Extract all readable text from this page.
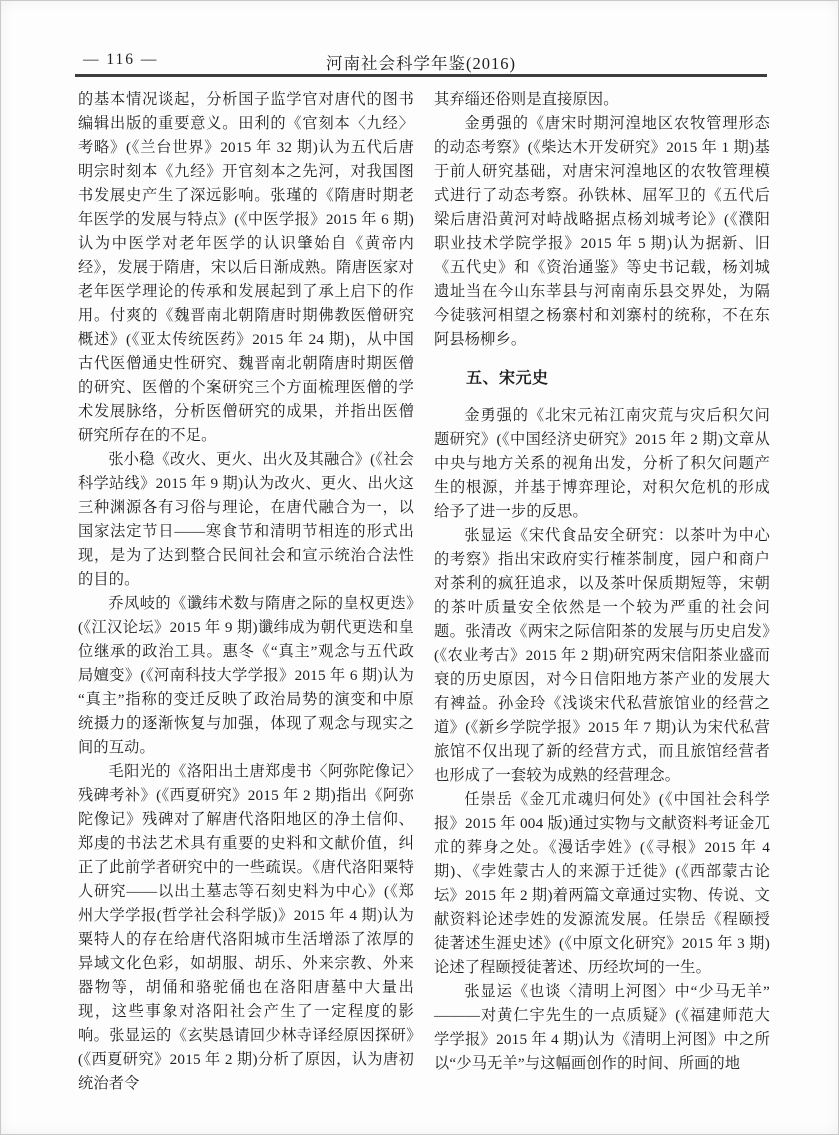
— 116 —	河南社会科学年鉴(2016)

的基本情况谈起，分析国子监学官对唐代的图书编辑出版的重要意义。田利的《官刻本〈九经〉考略》(《兰台世界》2015 年 32 期)认为五代后唐明宗时刻本《九经》开官刻本之先河，对我国图书发展史产生了深远影响。张瑾的《隋唐时期老年医学的发展与特点》(《中医学报》2015 年 6 期)认为中医学对老年医学的认识肇始自《黄帝内经》，发展于隋唐，宋以后日渐成熟。隋唐医家对老年医学理论的传承和发展起到了承上启下的作用。付爽的《魏晋南北朝隋唐时期佛教医僧研究概述》(《亚太传统医药》2015 年 24 期)，从中国古代医僧通史性研究、魏晋南北朝隋唐时期医僧的研究、医僧的个案研究三个方面梳理医僧的学术发展脉络，分析医僧研究的成果，并指出医僧研究所存在的不足。

张小稳《改火、更火、出火及其融合》(《社会科学站线》2015 年 9 期)认为改火、更火、出火这三种渊源各有习俗与理论，在唐代融合为一，以国家法定节日——寒食节和清明节相连的形式出现，是为了达到整合民间社会和宣示统治合法性的目的。

乔凤岐的《谶纬术数与隋唐之际的皇权更迭》(《江汉论坛》2015 年 9 期)谶纬成为朝代更迭和皇位继承的政治工具。惠冬《“真主”观念与五代政局嬗变》(《河南科技大学学报》2015 年 6 期)认为“真主”指称的变迁反映了政治局势的演变和中原统摄力的逐渐恢复与加强，体现了观念与现实之间的互动。

毛阳光的《洛阳出土唐郑虔书〈阿弥陀像记〉残碑考补》(《西夏研究》2015 年 2 期)指出《阿弥陀像记》残碑对了解唐代洛阳地区的净土信仰、郑虔的书法艺术具有重要的史料和文献价值，纠正了此前学者研究中的一些疏误。《唐代洛阳粟特人研究——以出土墓志等石刻史料为中心》(《郑州大学学报(哲学社会科学版)》2015 年 4 期)认为粟特人的存在给唐代洛阳城市生活增添了浓厚的异域文化色彩，如胡服、胡乐、外来宗教、外来器物等，胡俑和骆驼俑也在洛阳唐墓中大量出现，这些事象对洛阳社会产生了一定程度的影响。张显运的《玄奘恳请回少林寺译经原因探研》(《西夏研究》2015 年 2 期)分析了原因，认为唐初统治者令

其弃缁还俗则是直接原因。

金勇强的《唐宋时期河湟地区农牧管理形态的动态考察》(《柴达木开发研究》2015 年 1 期)基于前人研究基础，对唐宋河湟地区的农牧管理模式进行了动态考察。孙铁林、屈军卫的《五代后梁后唐沿黄河对峙战略据点杨刘城考论》(《濮阳职业技术学院学报》2015 年 5 期)认为据新、旧《五代史》和《资治通鉴》等史书记载，杨刘城遗址当在今山东莘县与河南南乐县交界处，为隔今徒骇河相望之杨寨村和刘寨村的统称，不在东阿县杨柳乡。

五、宋元史

金勇强的《北宋元祐江南灾荒与灾后积欠问题研究》(《中国经济史研究》2015 年 2 期)文章从中央与地方关系的视角出发，分析了积欠问题产生的根源，并基于博弈理论，对积欠危机的形成给予了进一步的反思。

张显运《宋代食品安全研究：以茶叶为中心的考察》指出宋政府实行榷茶制度，园户和商户对茶利的疯狂追求，以及茶叶保质期短等，宋朝的茶叶质量安全依然是一个较为严重的社会问题。张清改《两宋之际信阳茶的发展与历史启发》(《农业考古》2015 年 2 期)研究两宋信阳茶业盛而衰的历史原因，对今日信阳地方茶产业的发展大有裨益。孙金玲《浅谈宋代私营旅馆业的经营之道》(《新乡学院学报》2015 年 7 期)认为宋代私营旅馆不仅出现了新的经营方式，而且旅馆经营者也形成了一套较为成熟的经营理念。

任崇岳《金兀朮魂归何处》(《中国社会科学报》2015 年 004 版)通过实物与文献资料考证金兀朮的葬身之处。《漫话孛姓》(《寻根》2015 年 4 期)、《孛姓蒙古人的来源于迁徙》(《西部蒙古论坛》2015 年 2 期)着两篇文章通过实物、传说、文献资料论述孛姓的发源流发展。任崇岳《程颐授徒著述生涯史述》(《中原文化研究》2015 年 3 期)论述了程颐授徒著述、历经坎坷的一生。

张显运《也谈〈清明上河图〉中“少马无羊”———对黄仁宇先生的一点质疑》(《福建师范大学学报》2015 年 4 期)认为《清明上河图》中之所以“少马无羊”与这幅画创作的时间、所画的地
